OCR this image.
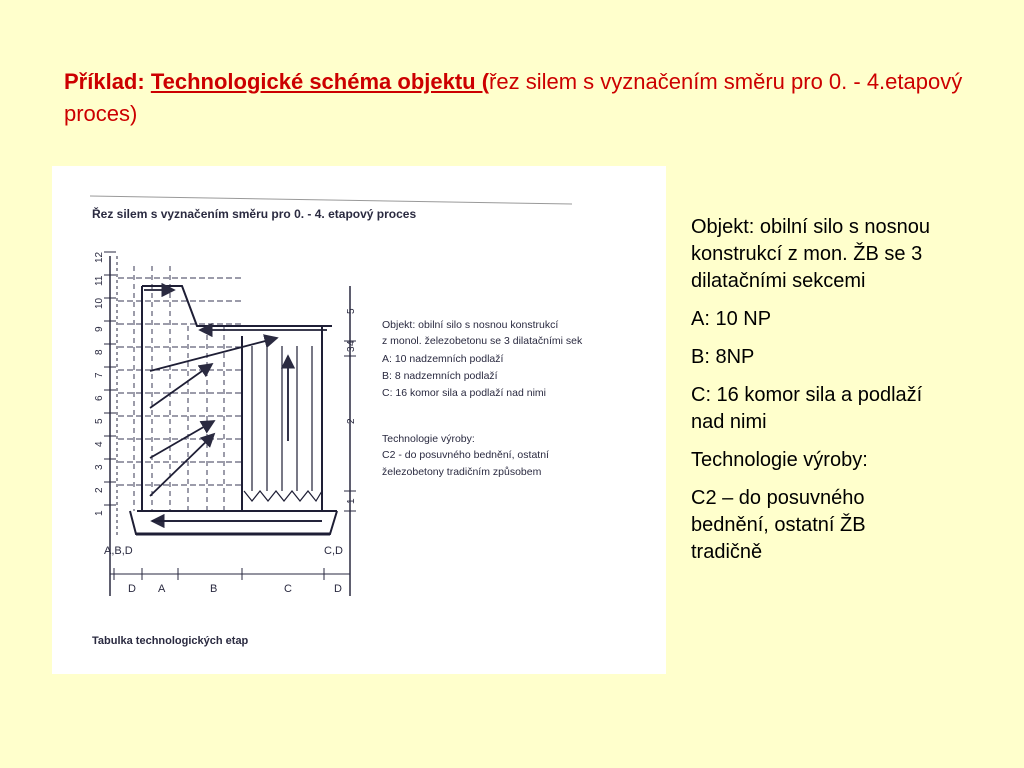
Příklad: Technologické schéma objektu (řez silem s vyznačením směru pro 0. - 4.etapový proces)
Řez silem s vyznačením směru pro 0. - 4. etapový proces
1
2
3
4
5
6
7
8
9
10
11
12
5
4
3
2
1
A,B,D	C,D
D A	B	C	D
Objekt: obilní silo s nosnou konstrukcí
z monol. železobetonu se 3 dilatačními sek
A: 10 nadzemních podlaží
B: 8 nadzemních podlaží
C: 16 komor sila a podlaží nad nimi
Technologie výroby:
C2 - do posuvného bednění, ostatní
železobetony tradičním způsobem
Tabulka technologických etap

Objekt: obilní silo s nosnou konstrukcí z mon. ŽB se 3 dilatačními sekcemi

A: 10 NP

B: 8NP

C: 16 komor sila a podlaží nad nimi

Technologie výroby:

C2 – do posuvného bednění, ostatní ŽB tradičně
